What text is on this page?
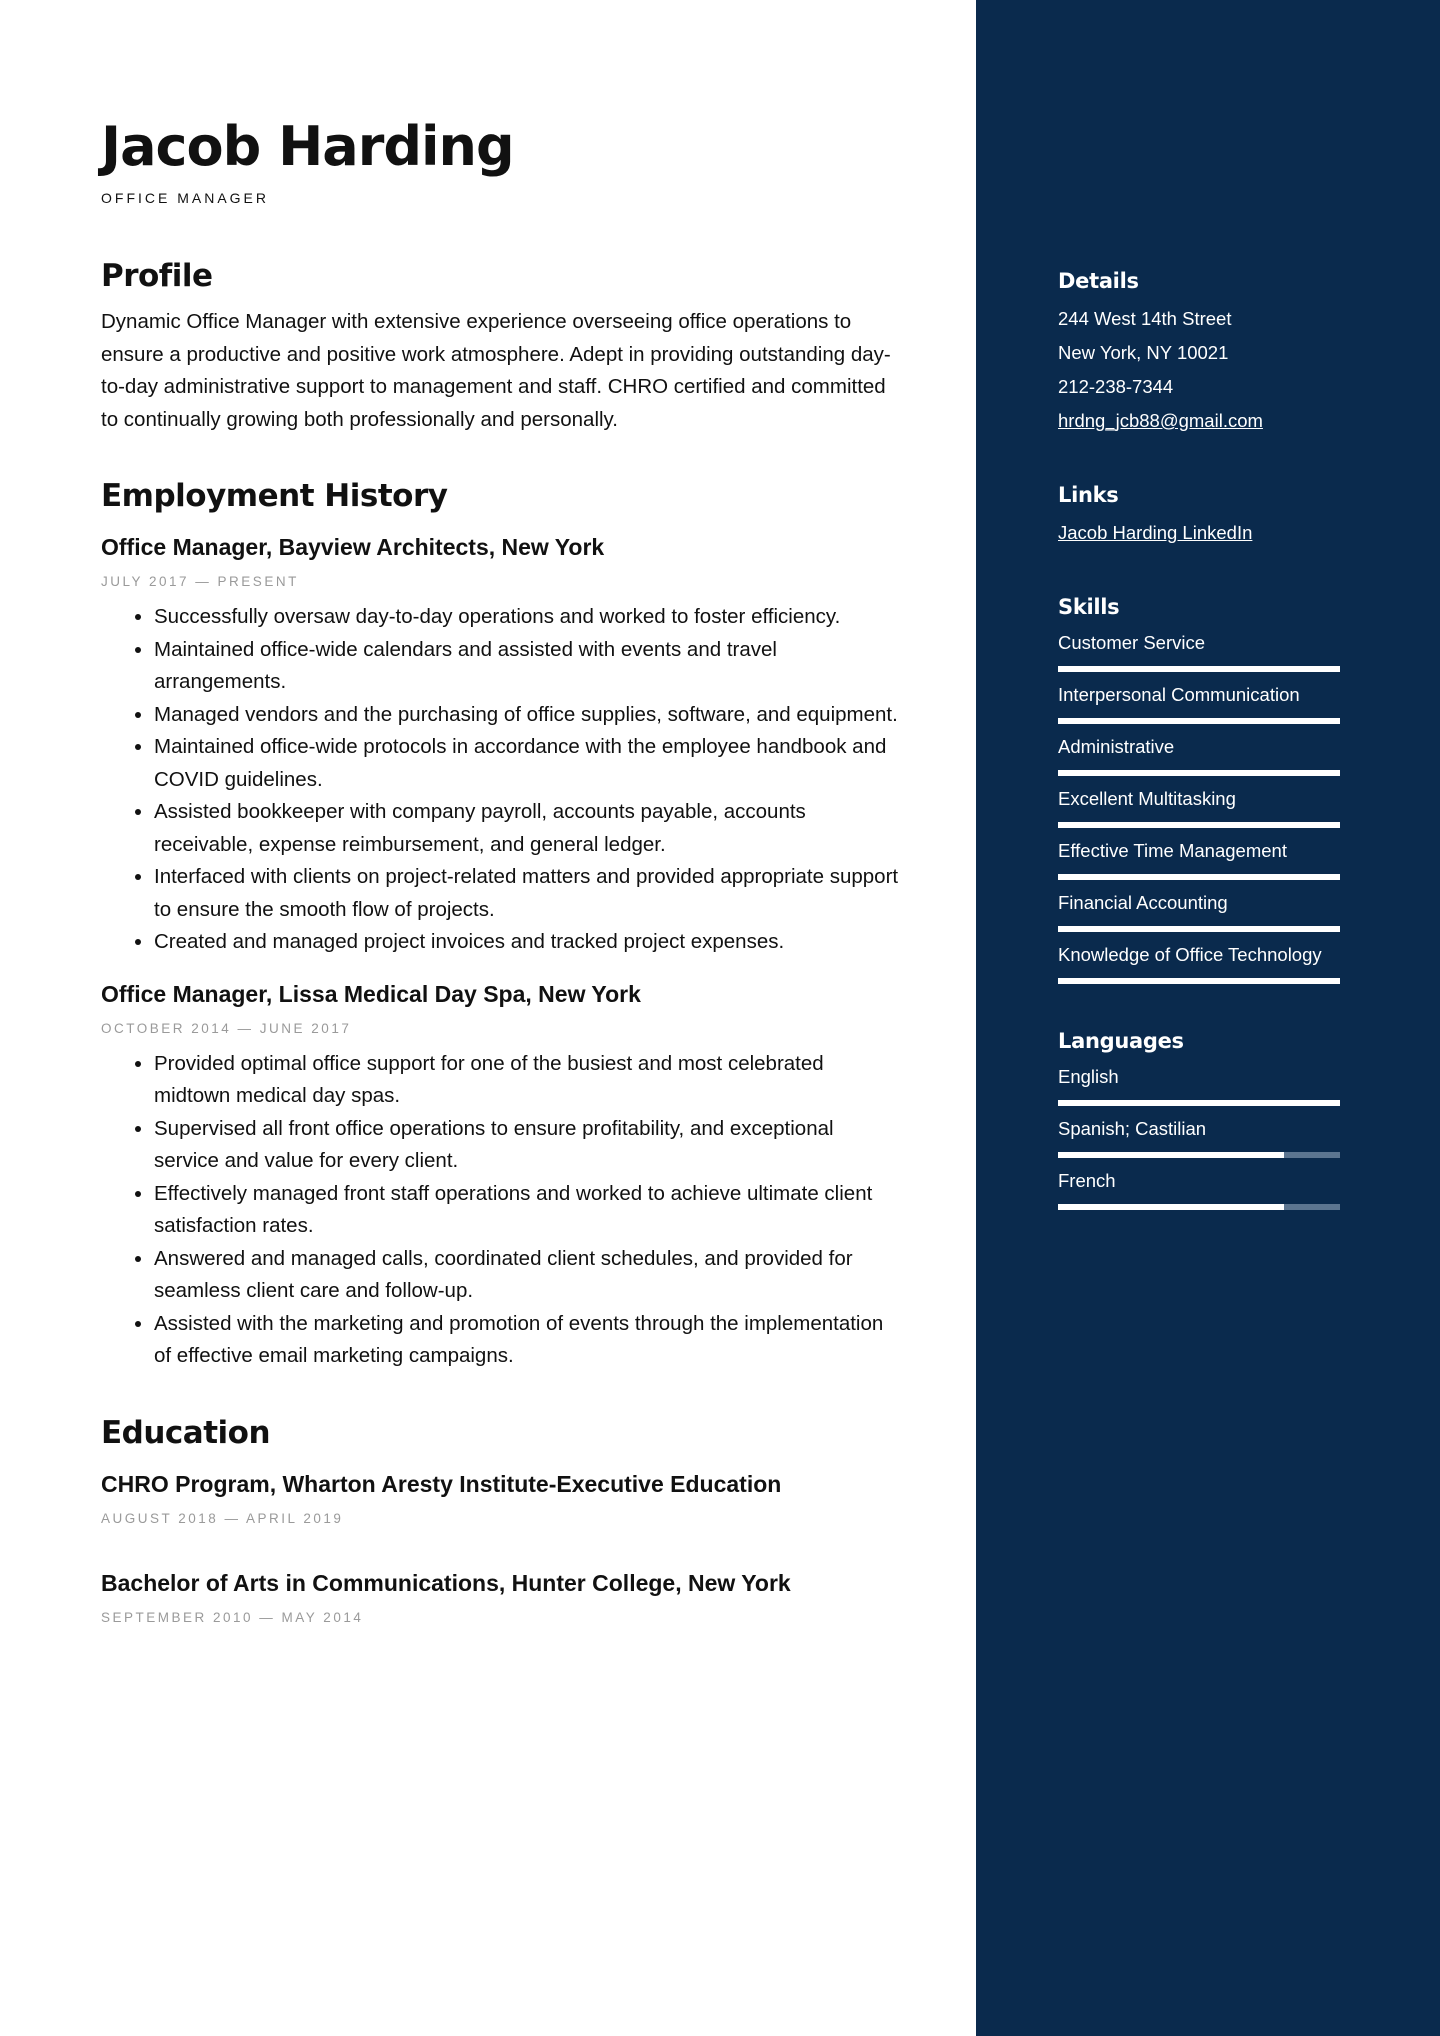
Jacob Harding
OFFICE MANAGER
Profile
Dynamic Office Manager with extensive experience overseeing office operations to ensure a productive and positive work atmosphere. Adept in providing outstanding day-to-day administrative support to management and staff. CHRO certified and committed to continually growing both professionally and personally.
Employment History
Office Manager, Bayview Architects, New York
JULY 2017 — PRESENT
• Successfully oversaw day-to-day operations and worked to foster efficiency.
• Maintained office-wide calendars and assisted with events and travel arrangements.
• Managed vendors and the purchasing of office supplies, software, and equipment.
• Maintained office-wide protocols in accordance with the employee handbook and COVID guidelines.
• Assisted bookkeeper with company payroll, accounts payable, accounts receivable, expense reimbursement, and general ledger.
• Interfaced with clients on project-related matters and provided appropriate support to ensure the smooth flow of projects.
• Created and managed project invoices and tracked project expenses.
Office Manager, Lissa Medical Day Spa, New York
OCTOBER 2014 — JUNE 2017
• Provided optimal office support for one of the busiest and most celebrated midtown medical day spas.
• Supervised all front office operations to ensure profitability, and exceptional service and value for every client.
• Effectively managed front staff operations and worked to achieve ultimate client satisfaction rates.
• Answered and managed calls, coordinated client schedules, and provided for seamless client care and follow-up.
• Assisted with the marketing and promotion of events through the implementation of effective email marketing campaigns.
Education
CHRO Program, Wharton Aresty Institute-Executive Education
AUGUST 2018 — APRIL 2019
Bachelor of Arts in Communications, Hunter College, New York
SEPTEMBER 2010 — MAY 2014
Details
244 West 14th Street
New York, NY 10021
212-238-7344
hrdng_jcb88@gmail.com
Links
Jacob Harding LinkedIn
Skills
Customer Service
Interpersonal Communication
Administrative
Excellent Multitasking
Effective Time Management
Financial Accounting
Knowledge of Office Technology
Languages
English
Spanish; Castilian
French
